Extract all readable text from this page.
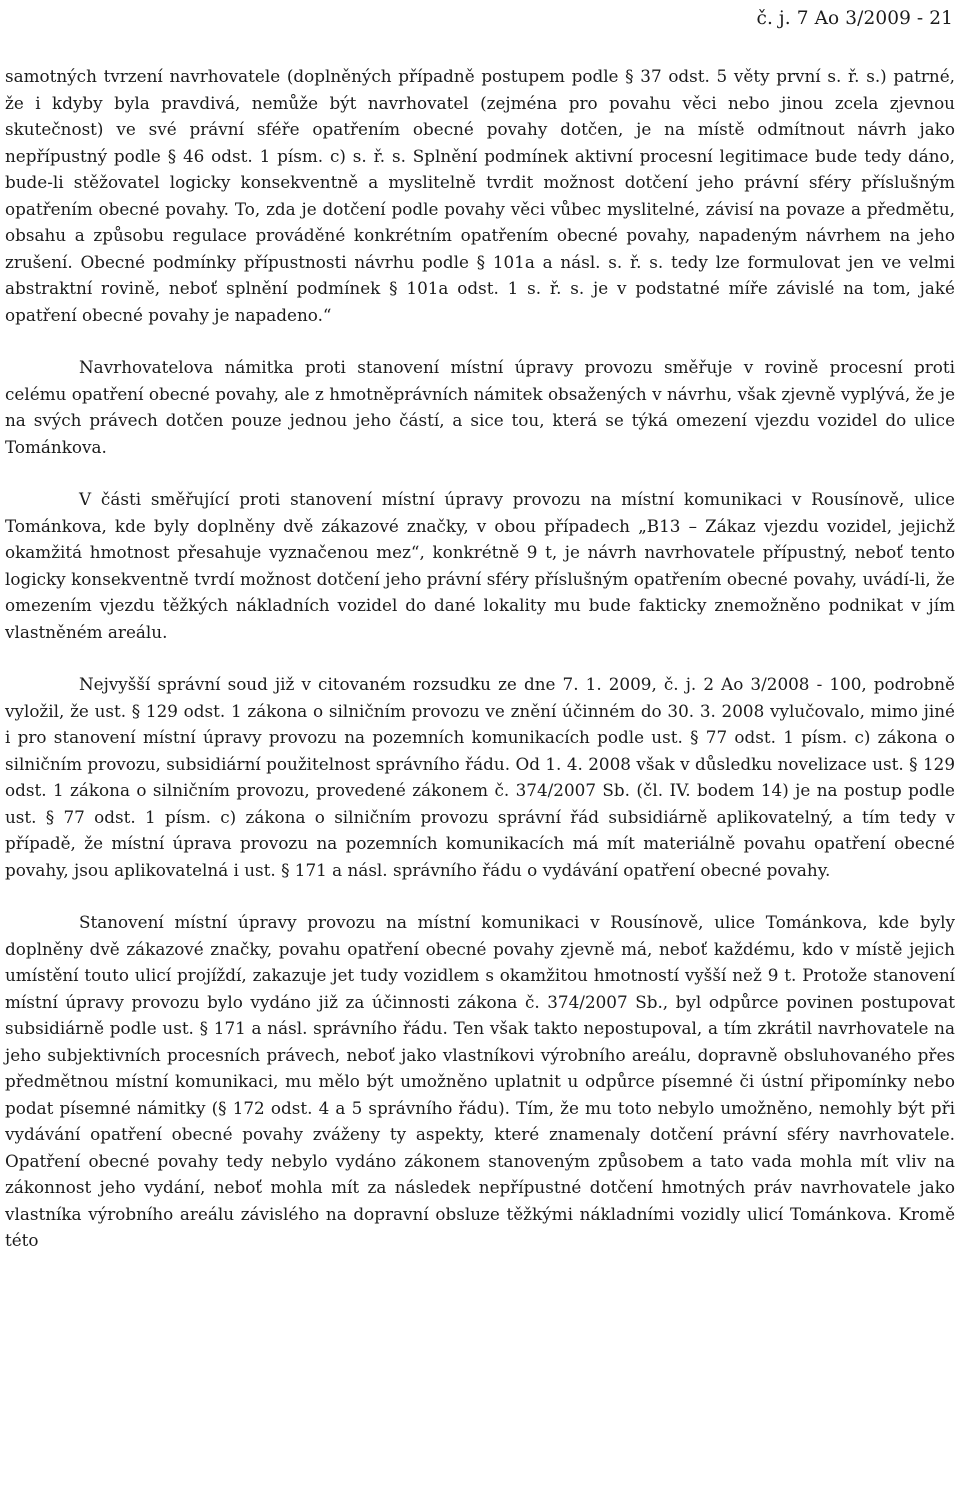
č. j. 7 Ao 3/2009 - 21

samotných tvrzení navrhovatele (doplněných případně postupem podle § 37 odst. 5 věty první s. ř. s.) patrné, že i kdyby byla pravdivá, nemůže být navrhovatel (zejména pro povahu věci nebo jinou zcela zjevnou skutečnost) ve své právní sféře opatřením obecné povahy dotčen, je na místě odmítnout návrh jako nepřípustný podle § 46 odst. 1 písm. c) s. ř. s. Splnění podmínek aktivní procesní legitimace bude tedy dáno, bude-li stěžovatel logicky konsekventně a myslitelně tvrdit možnost dotčení jeho právní sféry příslušným opatřením obecné povahy. To, zda je dotčení podle povahy věci vůbec myslitelné, závisí na povaze a předmětu, obsahu a způsobu regulace prováděné konkrétním opatřením obecné povahy, napadeným návrhem na jeho zrušení. Obecné podmínky přípustnosti návrhu podle § 101a a násl. s. ř. s. tedy lze formulovat jen ve velmi abstraktní rovině, neboť splnění podmínek § 101a odst. 1 s. ř. s. je v podstatné míře závislé na tom, jaké opatření obecné povahy je napadeno.“

Navrhovatelova námitka proti stanovení místní úpravy provozu směřuje v rovině procesní proti celému opatření obecné povahy, ale z hmotněprávních námitek obsažených v návrhu, však zjevně vyplývá, že je na svých právech dotčen pouze jednou jeho částí, a sice tou, která se týká omezení vjezdu vozidel do ulice Tománkova.

V části směřující proti stanovení místní úpravy provozu na místní komunikaci v Rousínově, ulice Tománkova, kde byly doplněny dvě zákazové značky, v obou případech „B13 – Zákaz vjezdu vozidel, jejichž okamžitá hmotnost přesahuje vyznačenou mez“, konkrétně 9 t, je návrh navrhovatele přípustný, neboť tento logicky konsekventně tvrdí možnost dotčení jeho právní sféry příslušným opatřením obecné povahy, uvádí-li, že omezením vjezdu těžkých nákladních vozidel do dané lokality mu bude fakticky znemožněno podnikat v jím vlastněném areálu.

Nejvyšší správní soud již v citovaném rozsudku ze dne 7. 1. 2009, č. j. 2 Ao 3/2008 - 100, podrobně vyložil, že ust. § 129 odst. 1 zákona o silničním provozu ve znění účinném do 30. 3. 2008 vylučovalo, mimo jiné i pro stanovení místní úpravy provozu na pozemních komunikacích podle ust. § 77 odst. 1 písm. c) zákona o silničním provozu, subsidiární použitelnost správního řádu. Od 1. 4. 2008 však v důsledku novelizace ust. § 129 odst. 1 zákona o silničním provozu, provedené zákonem č. 374/2007 Sb. (čl. IV. bodem 14) je na postup podle ust. § 77 odst. 1 písm. c) zákona o silničním provozu správní řád subsidiárně aplikovatelný, a tím tedy v případě, že místní úprava provozu na pozemních komunikacích má mít materiálně povahu opatření obecné povahy, jsou aplikovatelná i ust. § 171 a násl. správního řádu o vydávání opatření obecné povahy.

Stanovení místní úpravy provozu na místní komunikaci v Rousínově, ulice Tománkova, kde byly doplněny dvě zákazové značky, povahu opatření obecné povahy zjevně má, neboť každému, kdo v místě jejich umístění touto ulicí projíždí, zakazuje jet tudy vozidlem s okamžitou hmotností vyšší než 9 t. Protože stanovení místní úpravy provozu bylo vydáno již za účinnosti zákona č. 374/2007 Sb., byl odpůrce povinen postupovat subsidiárně podle ust. § 171 a násl. správního řádu. Ten však takto nepostupoval, a tím zkrátil navrhovatele na jeho subjektivních procesních právech, neboť jako vlastníkovi výrobního areálu, dopravně obsluhovaného přes předmětnou místní komunikaci, mu mělo být umožněno uplatnit u odpůrce písemné či ústní připomínky nebo podat písemné námitky (§ 172 odst. 4 a 5 správního řádu). Tím, že mu toto nebylo umožněno, nemohly být při vydávání opatření obecné povahy zváženy ty aspekty, které znamenaly dotčení právní sféry navrhovatele. Opatření obecné povahy tedy nebylo vydáno zákonem stanoveným způsobem a tato vada mohla mít vliv na zákonnost jeho vydání, neboť mohla mít za následek nepřípustné dotčení hmotných práv navrhovatele jako vlastníka výrobního areálu závislého na dopravní obsluze těžkými nákladními vozidly ulicí Tománkova. Kromě této
